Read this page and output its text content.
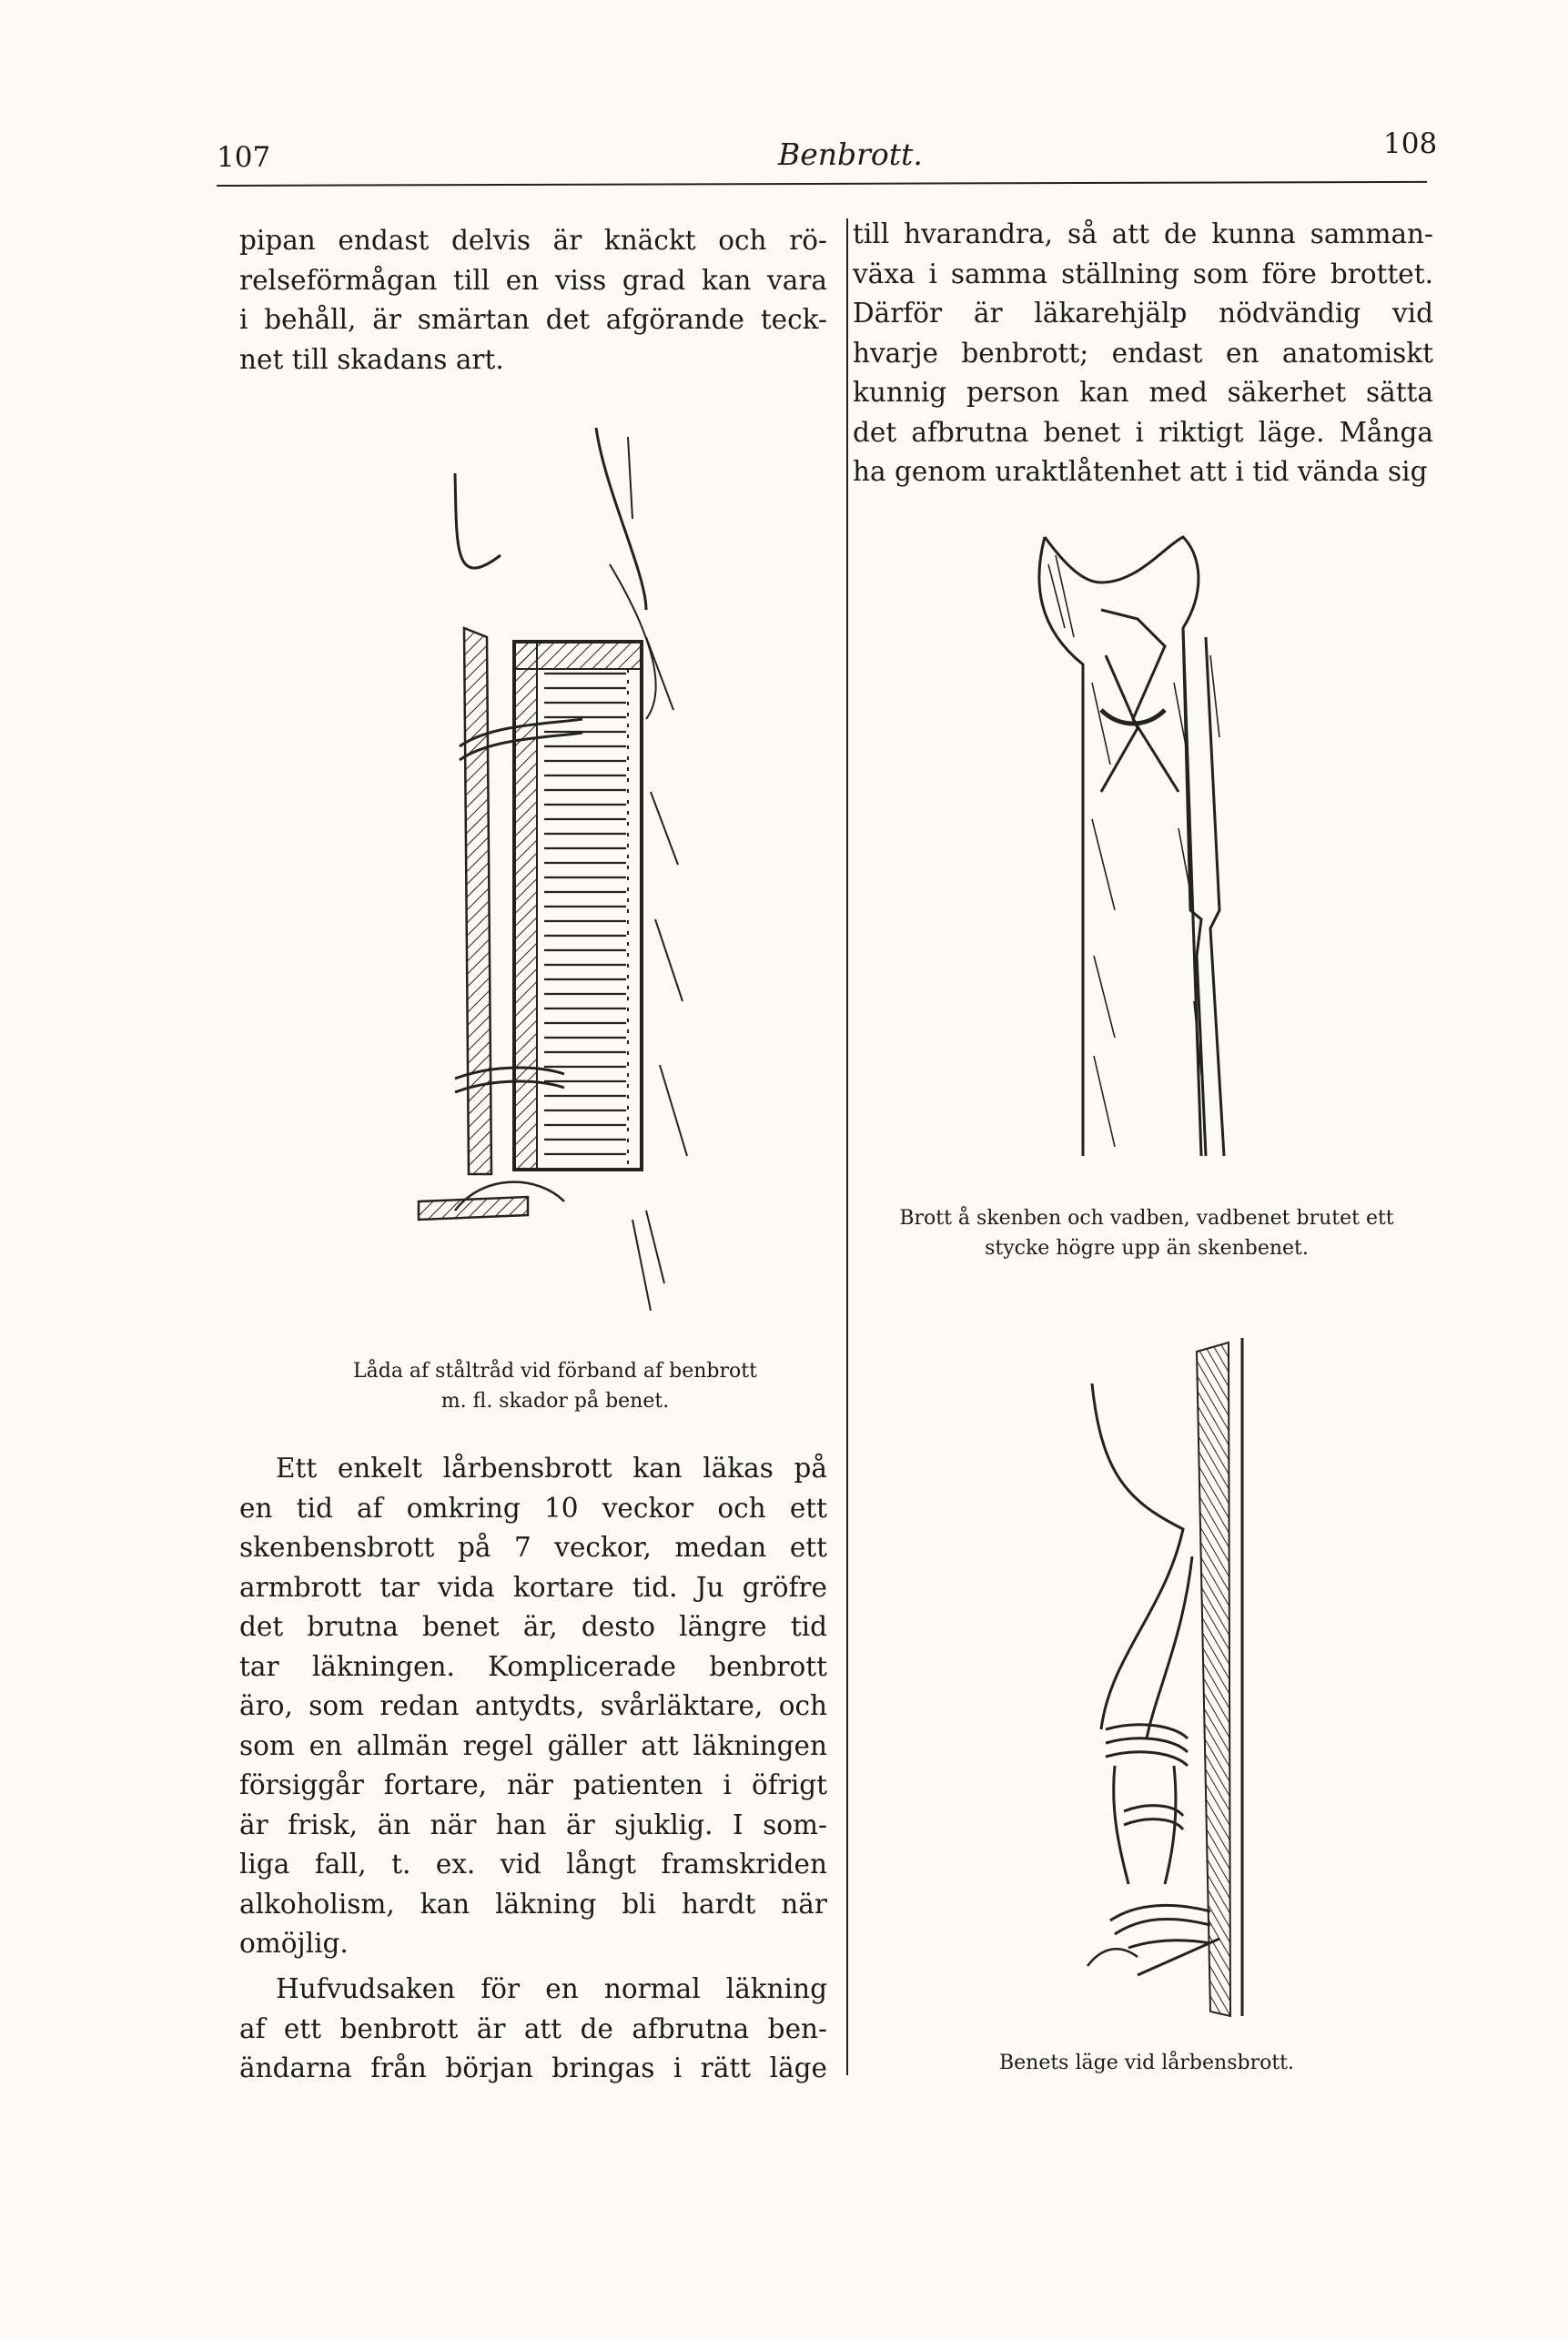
107	Benbrott.	108
pipan endast delvis är knäckt och rö-
relseförmågan till en viss grad kan vara
i behåll, är smärtan det afgörande teck-
net till skadans art.
Låda af ståltråd vid förband af benbrott
m. fl. skador på benet.
Ett enkelt lårbensbrott kan läkas på
en tid af omkring 10 veckor och ett
skenbensbrott på 7 veckor, medan ett
armbrott tar vida kortare tid. Ju gröfre
det brutna benet är, desto längre tid
tar läkningen. Komplicerade benbrott
äro, som redan antydts, svårläktare, och
som en allmän regel gäller att läkningen
försiggår fortare, när patienten i öfrigt
är frisk, än när han är sjuklig. I som-
liga fall, t. ex. vid långt framskriden
alkoholism, kan läkning bli hardt när
omöjlig.
Hufvudsaken för en normal läkning
af ett benbrott är att de afbrutna ben-
ändarna från början bringas i rätt läge
till hvarandra, så att de kunna samman-
växa i samma ställning som före brottet.
Därför är läkarehjälp nödvändig vid
hvarje benbrott; endast en anatomiskt
kunnig person kan med säkerhet sätta
det afbrutna benet i riktigt läge. Många
ha genom uraktlåtenhet att i tid vända sig
Brott å skenben och vadben, vadbenet brutet ett
stycke högre upp än skenbenet.
Benets läge vid lårbensbrott.
